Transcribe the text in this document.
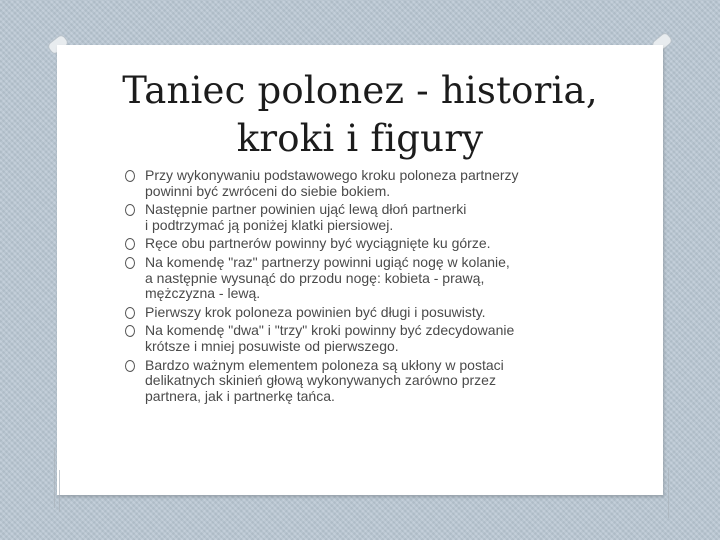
Taniec polonez - historia,
kroki i figury
Przy wykonywaniu podstawowego kroku poloneza partnerzy
powinni być zwróceni do siebie bokiem.
Następnie partner powinien ująć lewą dłoń partnerki
i podtrzymać ją poniżej klatki piersiowej.
Ręce obu partnerów powinny być wyciągnięte ku górze.
Na komendę "raz" partnerzy powinni ugiąć nogę w kolanie,
a następnie wysunąć do przodu nogę: kobieta - prawą,
mężczyzna - lewą.
Pierwszy krok poloneza powinien być długi i posuwisty.
Na komendę "dwa" i "trzy" kroki powinny być zdecydowanie
krótsze i mniej posuwiste od pierwszego.
Bardzo ważnym elementem poloneza są ukłony w postaci
delikatnych skinień głową wykonywanych zarówno przez
partnera, jak i partnerkę tańca.
